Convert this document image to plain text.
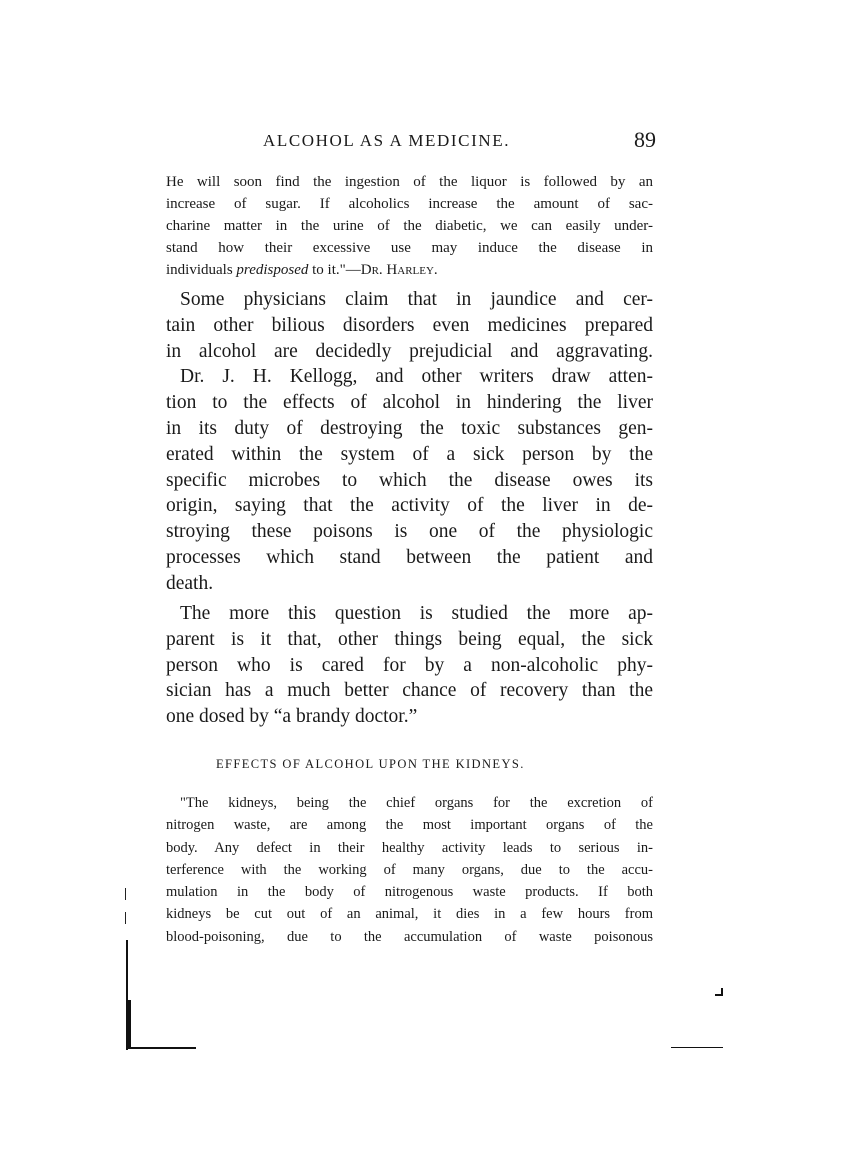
ALCOHOL AS A MEDICINE.	89
He will soon find the ingestion of the liquor is followed by an
increase of sugar. If alcoholics increase the amount of sac-
charine matter in the urine of the diabetic, we can easily under-
stand how their excessive use may induce the disease in
individuals predisposed to it."—Dr. Harley.
Some physicians claim that in jaundice and cer-
tain other bilious disorders even medicines prepared
in alcohol are decidedly prejudicial and aggravating.
Dr. J. H. Kellogg, and other writers draw atten-
tion to the effects of alcohol in hindering the liver
in its duty of destroying the toxic substances gen-
erated within the system of a sick person by the
specific microbes to which the disease owes its
origin, saying that the activity of the liver in de-
stroying these poisons is one of the physiologic
processes which stand between the patient and
death.
The more this question is studied the more ap-
parent is it that, other things being equal, the sick
person who is cared for by a non-alcoholic phy-
sician has a much better chance of recovery than the
one dosed by “a brandy doctor.”
EFFECTS OF ALCOHOL UPON THE KIDNEYS.
"The kidneys, being the chief organs for the excretion of
nitrogen waste, are among the most important organs of the
body. Any defect in their healthy activity leads to serious in-
terference with the working of many organs, due to the accu-
mulation in the body of nitrogenous waste products. If both
kidneys be cut out of an animal, it dies in a few hours from
blood-poisoning, due to the accumulation of waste poisonous
